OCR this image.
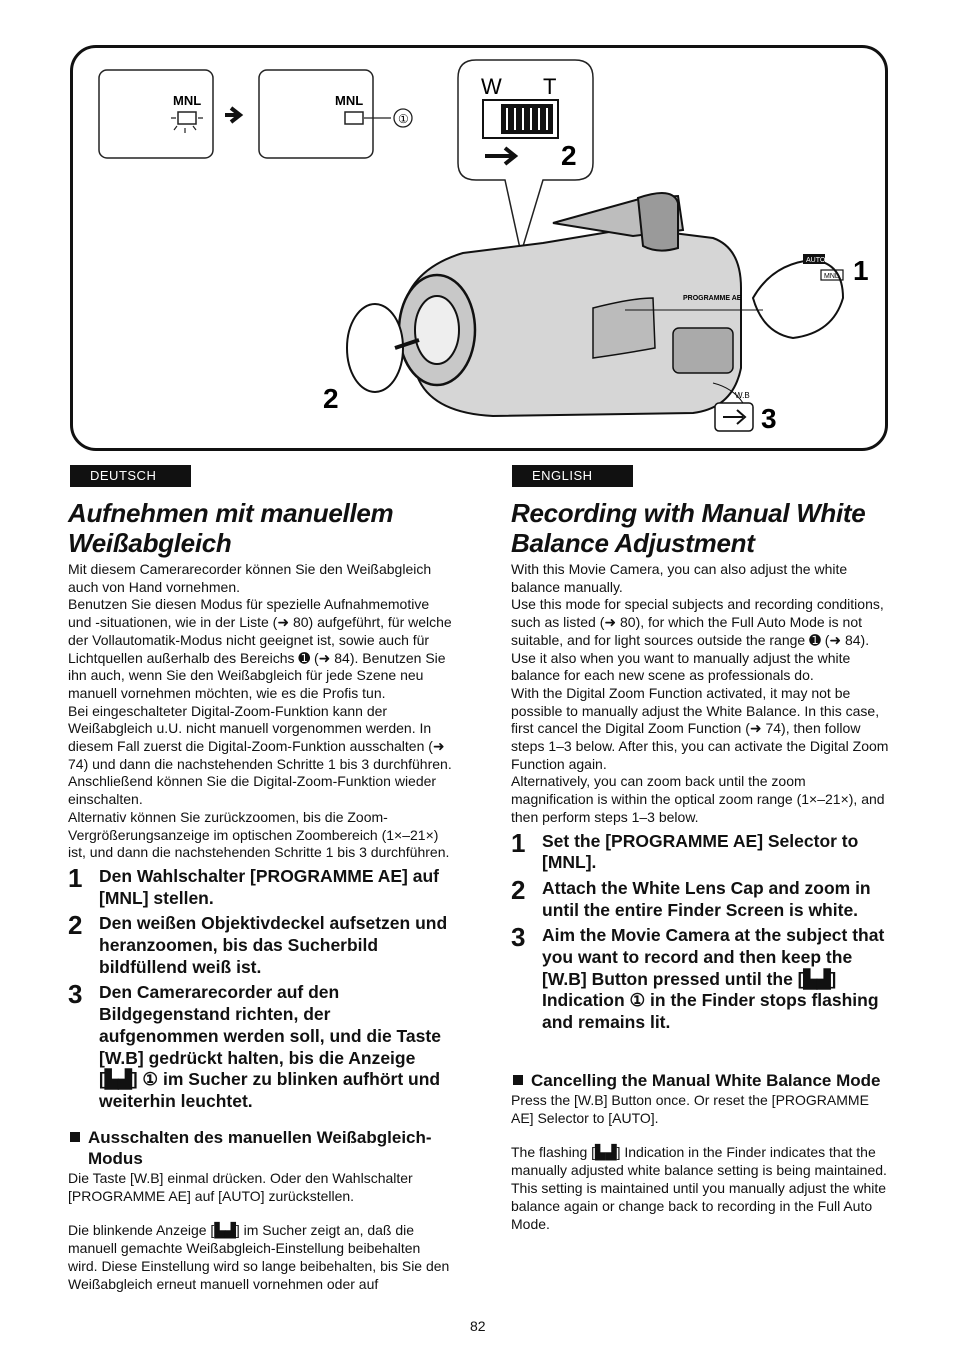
MNL	MNL
①
W T
2
2
PROGRAMME AE
AUTO
MNL 1
W.B
3
DEUTSCH	ENGLISH
Aufnehmen mit manuellem Weißabgleich

Mit diesem Camerarecorder können Sie den Weißabgleich auch von Hand vornehmen.

Benutzen Sie diesen Modus für spezielle Aufnahmemotive und -situationen, wie in der Liste (➜ 80) aufgeführt, für welche der Vollautomatik-Modus nicht geeignet ist, sowie auch für Lichtquellen außerhalb des Bereichs ➊ (➜ 84). Benutzen Sie ihn auch, wenn Sie den Weißabgleich für jede Szene neu manuell vornehmen möchten, wie es die Profis tun.

Bei eingeschalteter Digital-Zoom-Funktion kann der Weißabgleich u.U. nicht manuell vorgenommen werden. In diesem Fall zuerst die Digital-Zoom-Funktion ausschalten (➜ 74) und dann die nachstehenden Schritte 1 bis 3 durchführen. Anschließend können Sie die Digital-Zoom-Funktion wieder einschalten.

Alternativ können Sie zurückzoomen, bis die Zoom-Vergrößerungsanzeige im optischen Zoombereich (1×–21×) ist, und dann die nachstehenden Schritte 1 bis 3 durchführen.

1 Den Wahlschalter [PROGRAMME AE] auf [MNL] stellen.
2 Den weißen Objektivdeckel aufsetzen und heranzoomen, bis das Sucherbild bildfüllend weiß ist.
3 Den Camerarecorder auf den Bildgegenstand richten, der aufgenommen werden soll, und die Taste [W.B] gedrückt halten, bis die Anzeige [▙▟] ① im Sucher zu blinken aufhört und weiterhin leuchtet.
Ausschalten des manuellen Weißabgleich-Modus

Die Taste [W.B] einmal drücken. Oder den Wahlschalter [PROGRAMME AE] auf [AUTO] zurückstellen.

Die blinkende Anzeige [▙▟] im Sucher zeigt an, daß die manuell gemachte Weißabgleich-Einstellung beibehalten wird. Diese Einstellung wird so lange beibehalten, bis Sie den Weißabgleich erneut manuell vornehmen oder auf

Recording with Manual White Balance Adjustment

With this Movie Camera, you can also adjust the white balance manually.

Use this mode for special subjects and recording conditions, such as listed (➜ 80), for which the Full Auto Mode is not suitable, and for light sources outside the range ➊ (➜ 84). Use it also when you want to manually adjust the white balance for each new scene as professionals do.

With the Digital Zoom Function activated, it may not be possible to manually adjust the White Balance. In this case, first cancel the Digital Zoom Function (➜ 74), then follow steps 1–3 below. After this, you can activate the Digital Zoom Function again.

Alternatively, you can zoom back until the zoom magnification is within the optical zoom range (1×–21×), and then perform steps 1–3 below.

1 Set the [PROGRAMME AE] Selector to [MNL].
2 Attach the White Lens Cap and zoom in until the entire Finder Screen is white.
3 Aim the Movie Camera at the subject that you want to record and then keep the [W.B] Button pressed until the [▙▟] Indication ① in the Finder stops flashing and remains lit.
Cancelling the Manual White Balance Mode

Press the [W.B] Button once. Or reset the [PROGRAMME AE] Selector to [AUTO].

The flashing [▙▟] Indication in the Finder indicates that the manually adjusted white balance setting is being maintained. This setting is maintained until you manually adjust the white balance again or change back to recording in the Full Auto Mode.

82
